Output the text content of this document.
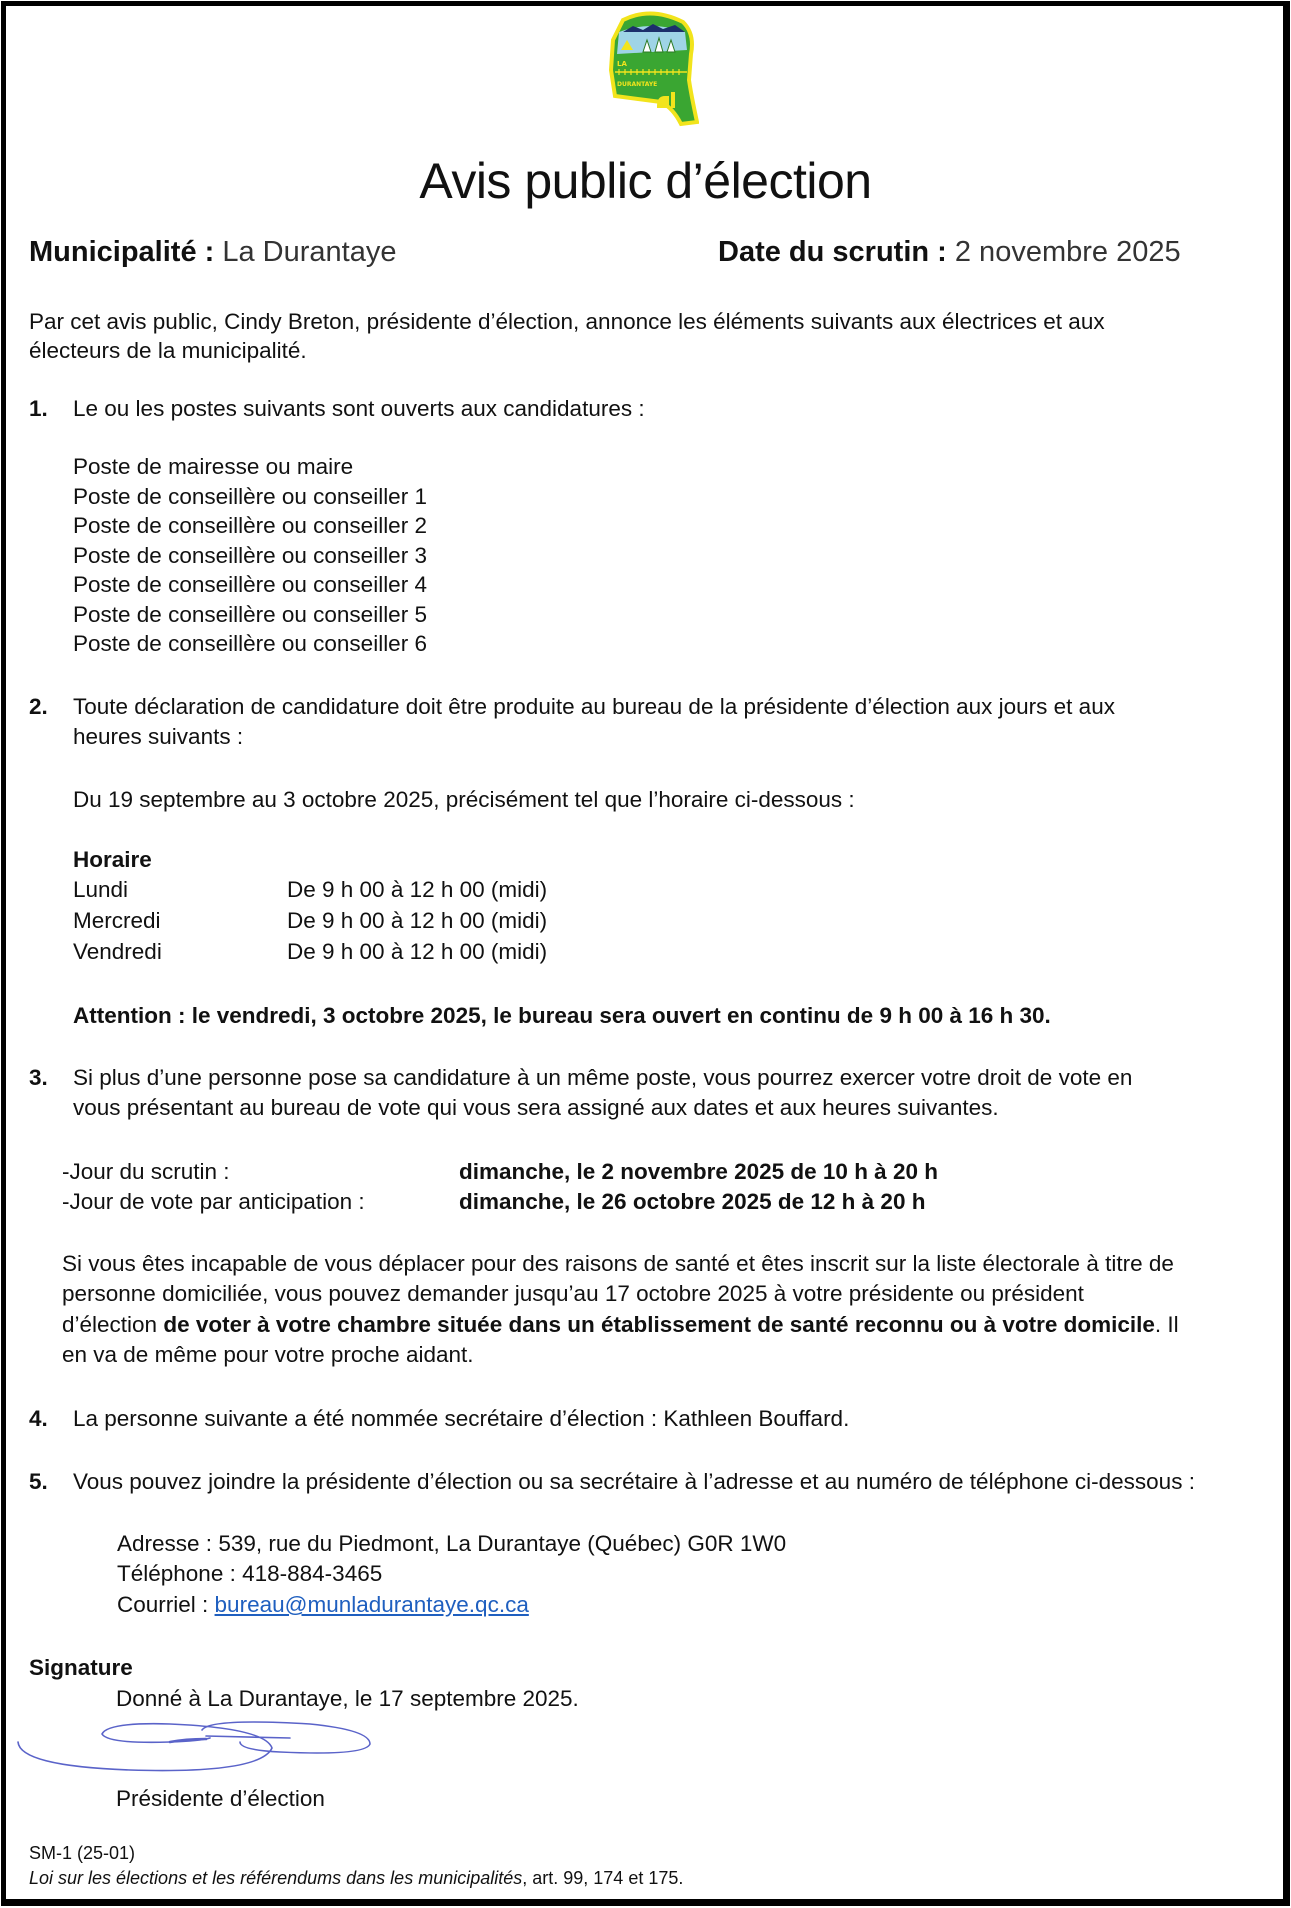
LA
DURANTAYE
Avis public d’élection
Municipalité : La Durantaye	Date du scrutin : 2 novembre 2025
Par cet avis public, Cindy Breton, présidente d’élection, annonce les éléments suivants aux électrices et aux
électeurs de la municipalité.
1. Le ou les postes suivants sont ouverts aux candidatures :
Poste de mairesse ou maire
Poste de conseillère ou conseiller 1
Poste de conseillère ou conseiller 2
Poste de conseillère ou conseiller 3
Poste de conseillère ou conseiller 4
Poste de conseillère ou conseiller 5
Poste de conseillère ou conseiller 6
2. Toute déclaration de candidature doit être produite au bureau de la présidente d’élection aux jours et aux
heures suivants :
Du 19 septembre au 3 octobre 2025, précisément tel que l’horaire ci-dessous :
Horaire
Lundi	De 9 h 00 à 12 h 00 (midi)
Mercredi	De 9 h 00 à 12 h 00 (midi)
Vendredi	De 9 h 00 à 12 h 00 (midi)
Attention : le vendredi, 3 octobre 2025, le bureau sera ouvert en continu de 9 h 00 à 16 h 30.
3. Si plus d’une personne pose sa candidature à un même poste, vous pourrez exercer votre droit de vote en
vous présentant au bureau de vote qui vous sera assigné aux dates et aux heures suivantes.
-Jour du scrutin :	dimanche, le 2 novembre 2025 de 10 h à 20 h
-Jour de vote par anticipation :	dimanche, le 26 octobre 2025 de 12 h à 20 h
Si vous êtes incapable de vous déplacer pour des raisons de santé et êtes inscrit sur la liste électorale à titre de
personne domiciliée, vous pouvez demander jusqu’au 17 octobre 2025 à votre présidente ou président
d’élection de voter à votre chambre située dans un établissement de santé reconnu ou à votre domicile. Il
en va de même pour votre proche aidant.
4. La personne suivante a été nommée secrétaire d’élection : Kathleen Bouffard.
5. Vous pouvez joindre la présidente d’élection ou sa secrétaire à l’adresse et au numéro de téléphone ci-dessous :
Adresse : 539, rue du Piedmont, La Durantaye (Québec) G0R 1W0
Téléphone : 418-884-3465
Courriel : bureau@munladurantaye.qc.ca
Signature
Donné à La Durantaye, le 17 septembre 2025.
Présidente d’élection
SM-1 (25-01)
Loi sur les élections et les référendums dans les municipalités, art. 99, 174 et 175.
